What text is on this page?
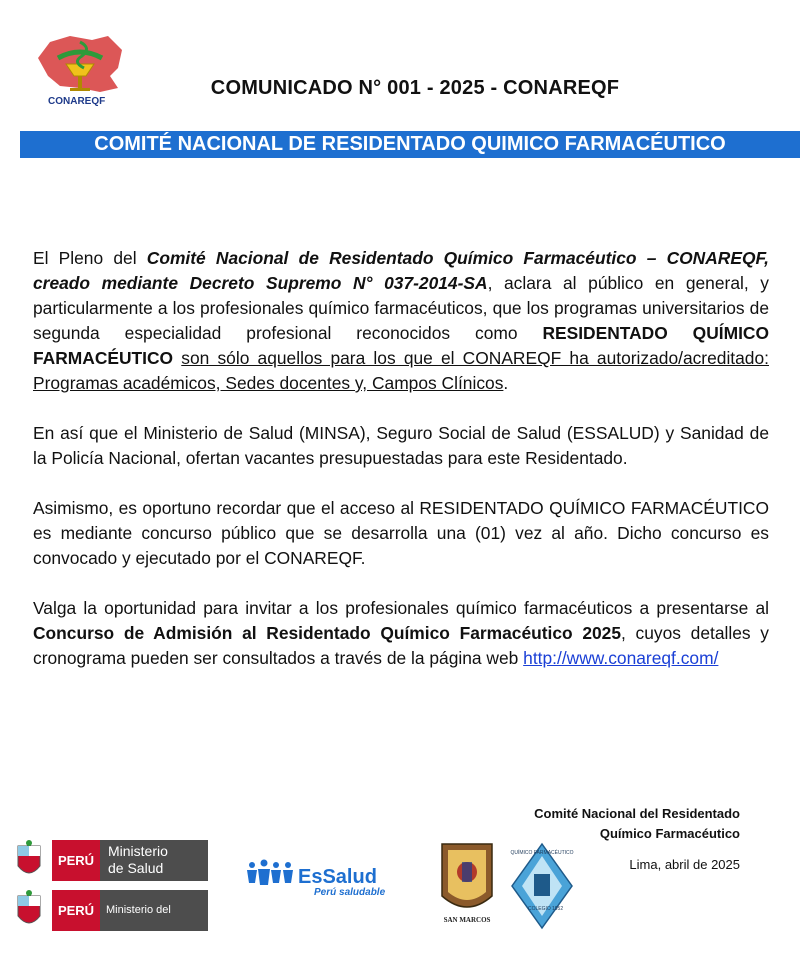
CONAREQF
COMUNICADO N° 001 - 2025 - CONAREQF
COMITÉ NACIONAL DE RESIDENTADO QUIMICO FARMACÉUTICO

El Pleno del Comité Nacional de Residentado Químico Farmacéutico – CONAREQF, creado mediante Decreto Supremo N° 037-2014-SA, aclara al público en general, y particularmente a los profesionales químico farmacéuticos, que los programas universitarios de segunda especialidad profesional reconocidos como RESIDENTADO QUÍMICO FARMACÉUTICO son sólo aquellos para los que el CONAREQF ha autorizado/acreditado: Programas académicos, Sedes docentes y, Campos Clínicos.

En así que el Ministerio de Salud (MINSA), Seguro Social de Salud (ESSALUD) y Sanidad de la Policía Nacional, ofertan vacantes presupuestadas para este Residentado.

Asimismo, es oportuno recordar que el acceso al RESIDENTADO QUÍMICO FARMACÉUTICO es mediante concurso público que se desarrolla una (01) vez al año. Dicho concurso es convocado y ejecutado por el CONAREQF.

Valga la oportunidad para invitar a los profesionales químico farmacéuticos a presentarse al Concurso de Admisión al Residentado Químico Farmacéutico 2025, cuyos detalles y cronograma pueden ser consultados a través de la página web http://www.conareqf.com/

Comité Nacional del Residentado
Químico Farmacéutico
Lima, abril de 2025
PERÚ
Ministerio
de Salud
PERÚ	Ministerio del Interior
EsSalud
Perú saludable
SAN MARCOS
QUÍMICO FARMACÉUTICO
COLEGIO 1952
